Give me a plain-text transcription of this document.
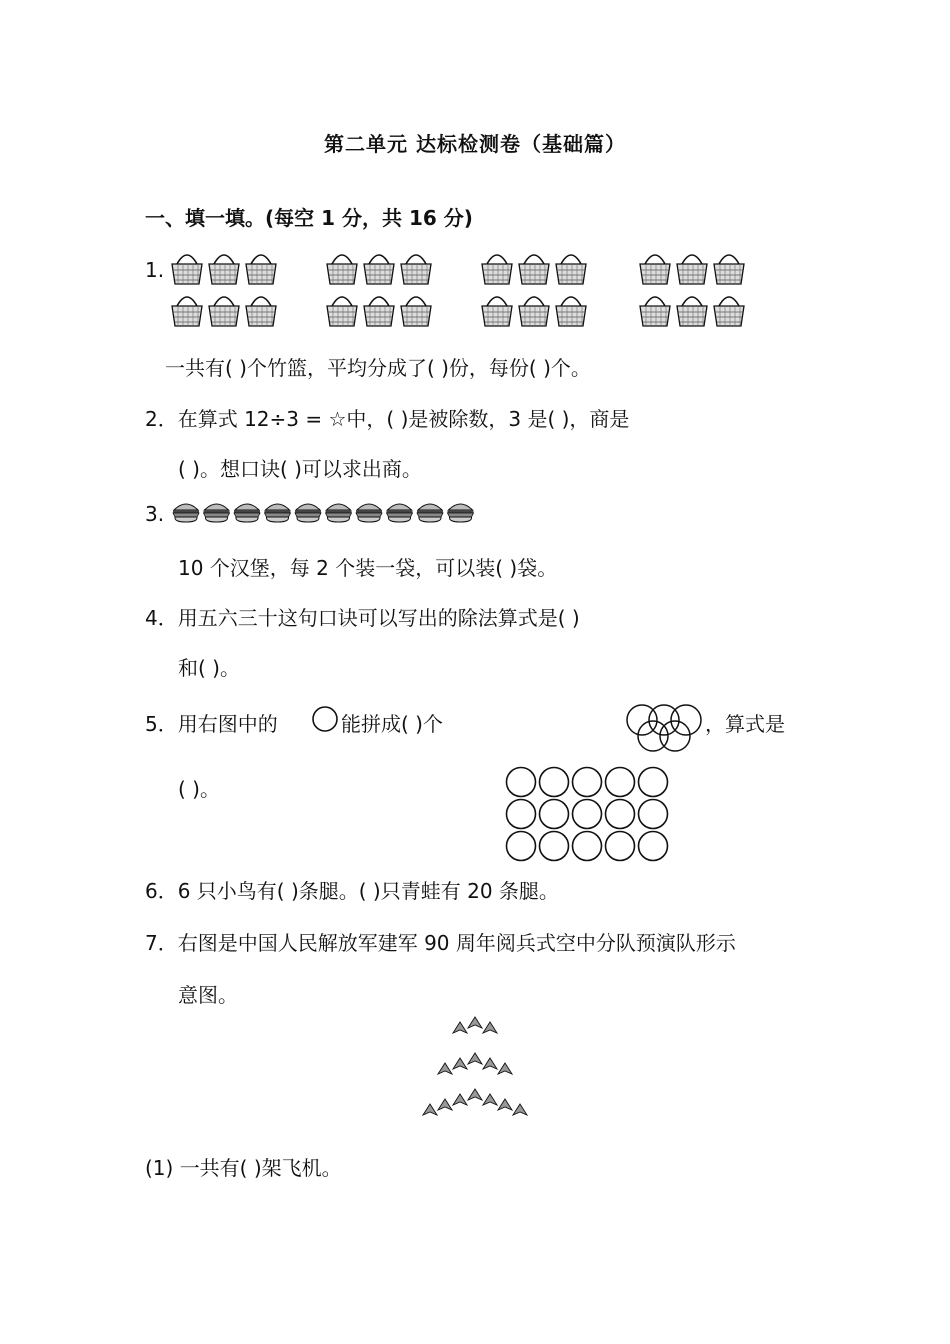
第二单元 达标检测卷（基础篇）
一、填一填。(每空 1 分，共 16 分)
1.
一共有( )个竹篮，平均分成了( )份，每份( )个。
2．在算式 12÷3 = ☆中，( )是被除数，3 是( )，商是
( )。想口诀( )可以求出商。
3.
10 个汉堡，每 2 个装一袋，可以装( )袋。
4．用五六三十这句口诀可以写出的除法算式是( )
和( )。
5．用右图中的	能拼成( )个	，算式是
( )。
6．6 只小鸟有( )条腿。( )只青蛙有 20 条腿。
7．右图是中国人民解放军建军 90 周年阅兵式空中分队预演队形示
意图。
(1) 一共有( )架飞机。
